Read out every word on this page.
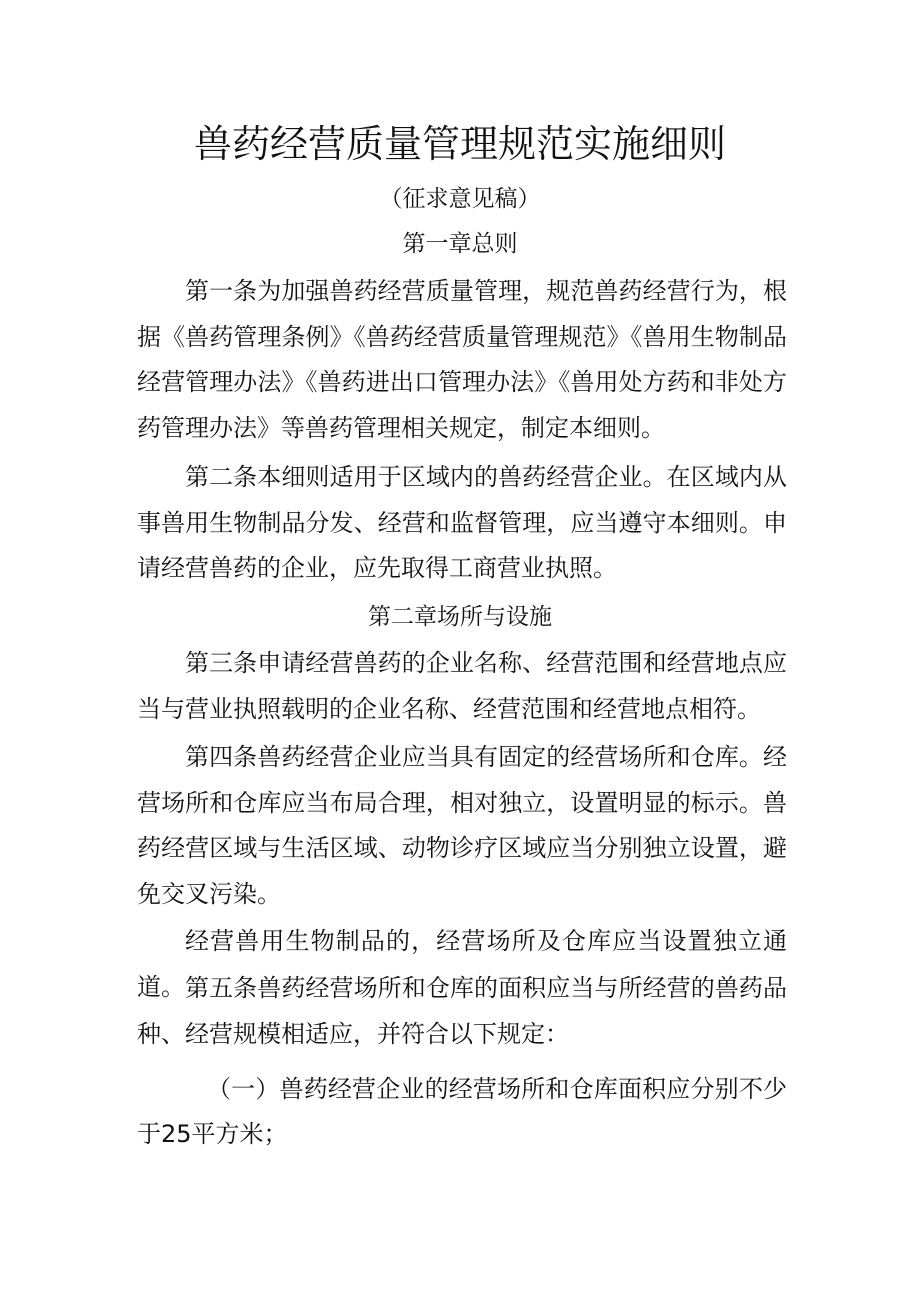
兽药经营质量管理规范实施细则
（征求意见稿）
第一章总则

第一条为加强兽药经营质量管理，规范兽药经营行为，根据《兽药管理条例》《兽药经营质量管理规范》《兽用生物制品经营管理办法》《兽药进出口管理办法》《兽用处方药和非处方药管理办法》等兽药管理相关规定，制定本细则。

第二条本细则适用于区域内的兽药经营企业。在区域内从事兽用生物制品分发、经营和监督管理，应当遵守本细则。申请经营兽药的企业，应先取得工商营业执照。

第二章场所与设施

第三条申请经营兽药的企业名称、经营范围和经营地点应当与营业执照载明的企业名称、经营范围和经营地点相符。

第四条兽药经营企业应当具有固定的经营场所和仓库。经营场所和仓库应当布局合理，相对独立，设置明显的标示。兽药经营区域与生活区域、动物诊疗区域应当分别独立设置，避免交叉污染。

经营兽用生物制品的，经营场所及仓库应当设置独立通道。 第五条兽药经营场所和仓库的面积应当与所经营的兽药品种、经营规模相适应，并符合以下规定：

（一）兽药经营企业的经营场所和仓库面积应分别不少于25平方米；
